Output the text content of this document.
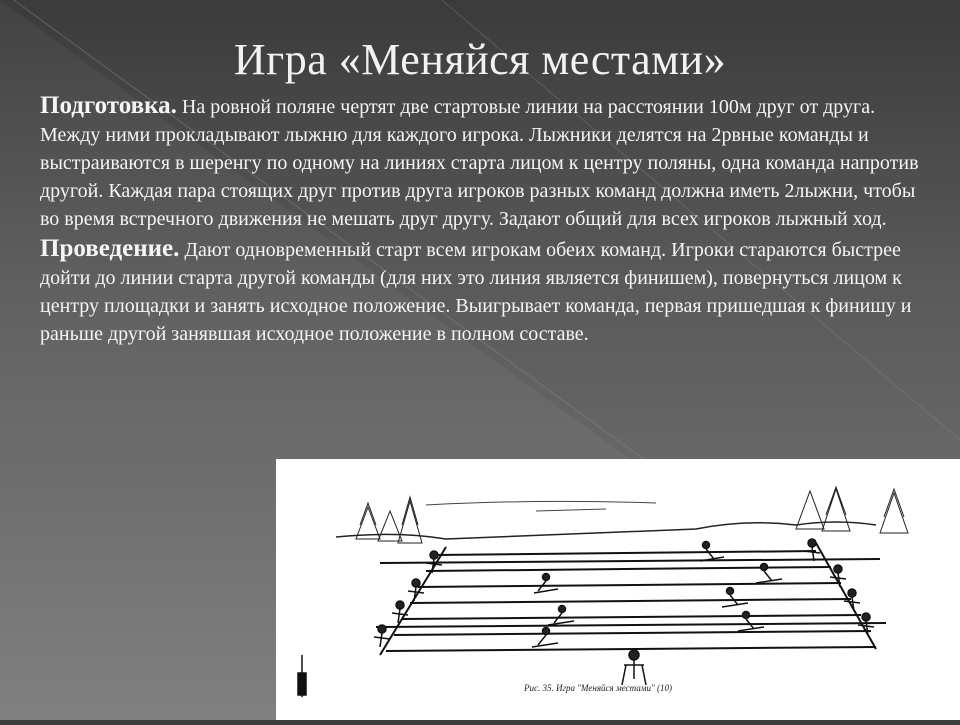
Игра «Меняйся местами»

Подготовка. На ровной поляне чертят две стартовые линии на расстоянии 100м друг от друга. Между ними прокладывают лыжню для каждого игрока. Лыжники делятся на 2рвные команды и выстраиваются в шеренгу по одному на линиях старта лицом к центру поляны, одна команда напротив другой. Каждая пара стоящих друг против друга игроков разных команд должна иметь 2лыжни, чтобы во время встречного движения не мешать друг другу. Задают общий для всех игроков лыжный ход.

Проведение. Дают одновременный старт всем игрокам обеих команд. Игроки стараются быстрее дойти до линии старта другой команды (для них это линия является финишем), повернуться лицом к центру площадки и занять исходное положение. Выигрывает команда, первая пришедшая к финишу и раньше другой занявшая исходное положение в полном составе.

30	Рис. 35. Игра "Меняйся местами" (10)
